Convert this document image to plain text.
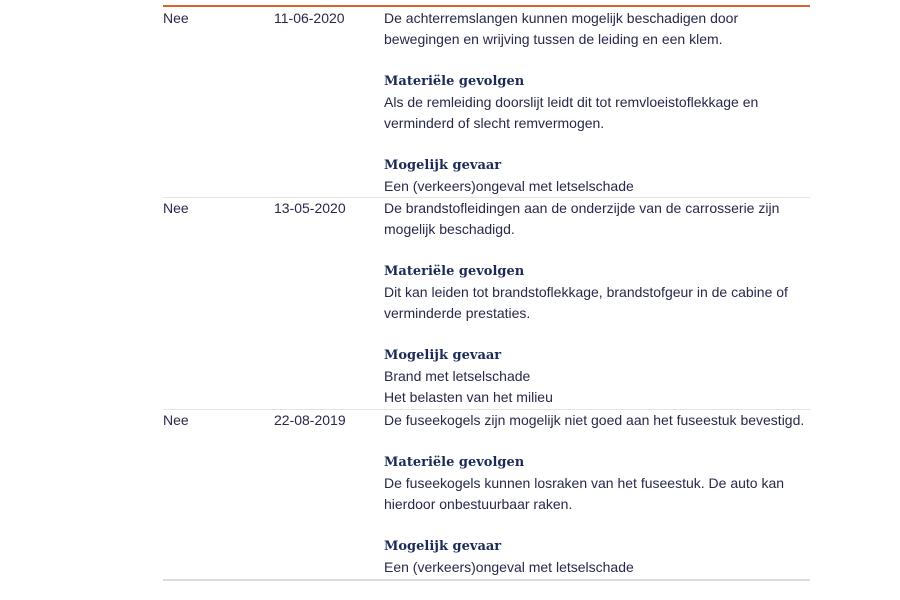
Nee	11-06-2020	De achterremslangen kunnen mogelijk beschadigen door
bewegingen en wrijving tussen de leiding en een klem.

Materiële gevolgen

Als de remleiding doorslijt leidt dit tot remvloeistoflekkage en
verminderd of slecht remvermogen.

Mogelijk gevaar

Een (verkeers)ongeval met letselschade

Nee	13-05-2020	De brandstofleidingen aan de onderzijde van de carrosserie zijn
mogelijk beschadigd.

Materiële gevolgen

Dit kan leiden tot brandstoflekkage, brandstofgeur in de cabine of
verminderde prestaties.

Mogelijk gevaar

Brand met letselschade
Het belasten van het milieu

Nee	22-08-2019	De fuseekogels zijn mogelijk niet goed aan het fuseestuk bevestigd.

Materiële gevolgen

De fuseekogels kunnen losraken van het fuseestuk. De auto kan
hierdoor onbestuurbaar raken.

Mogelijk gevaar

Een (verkeers)ongeval met letselschade
